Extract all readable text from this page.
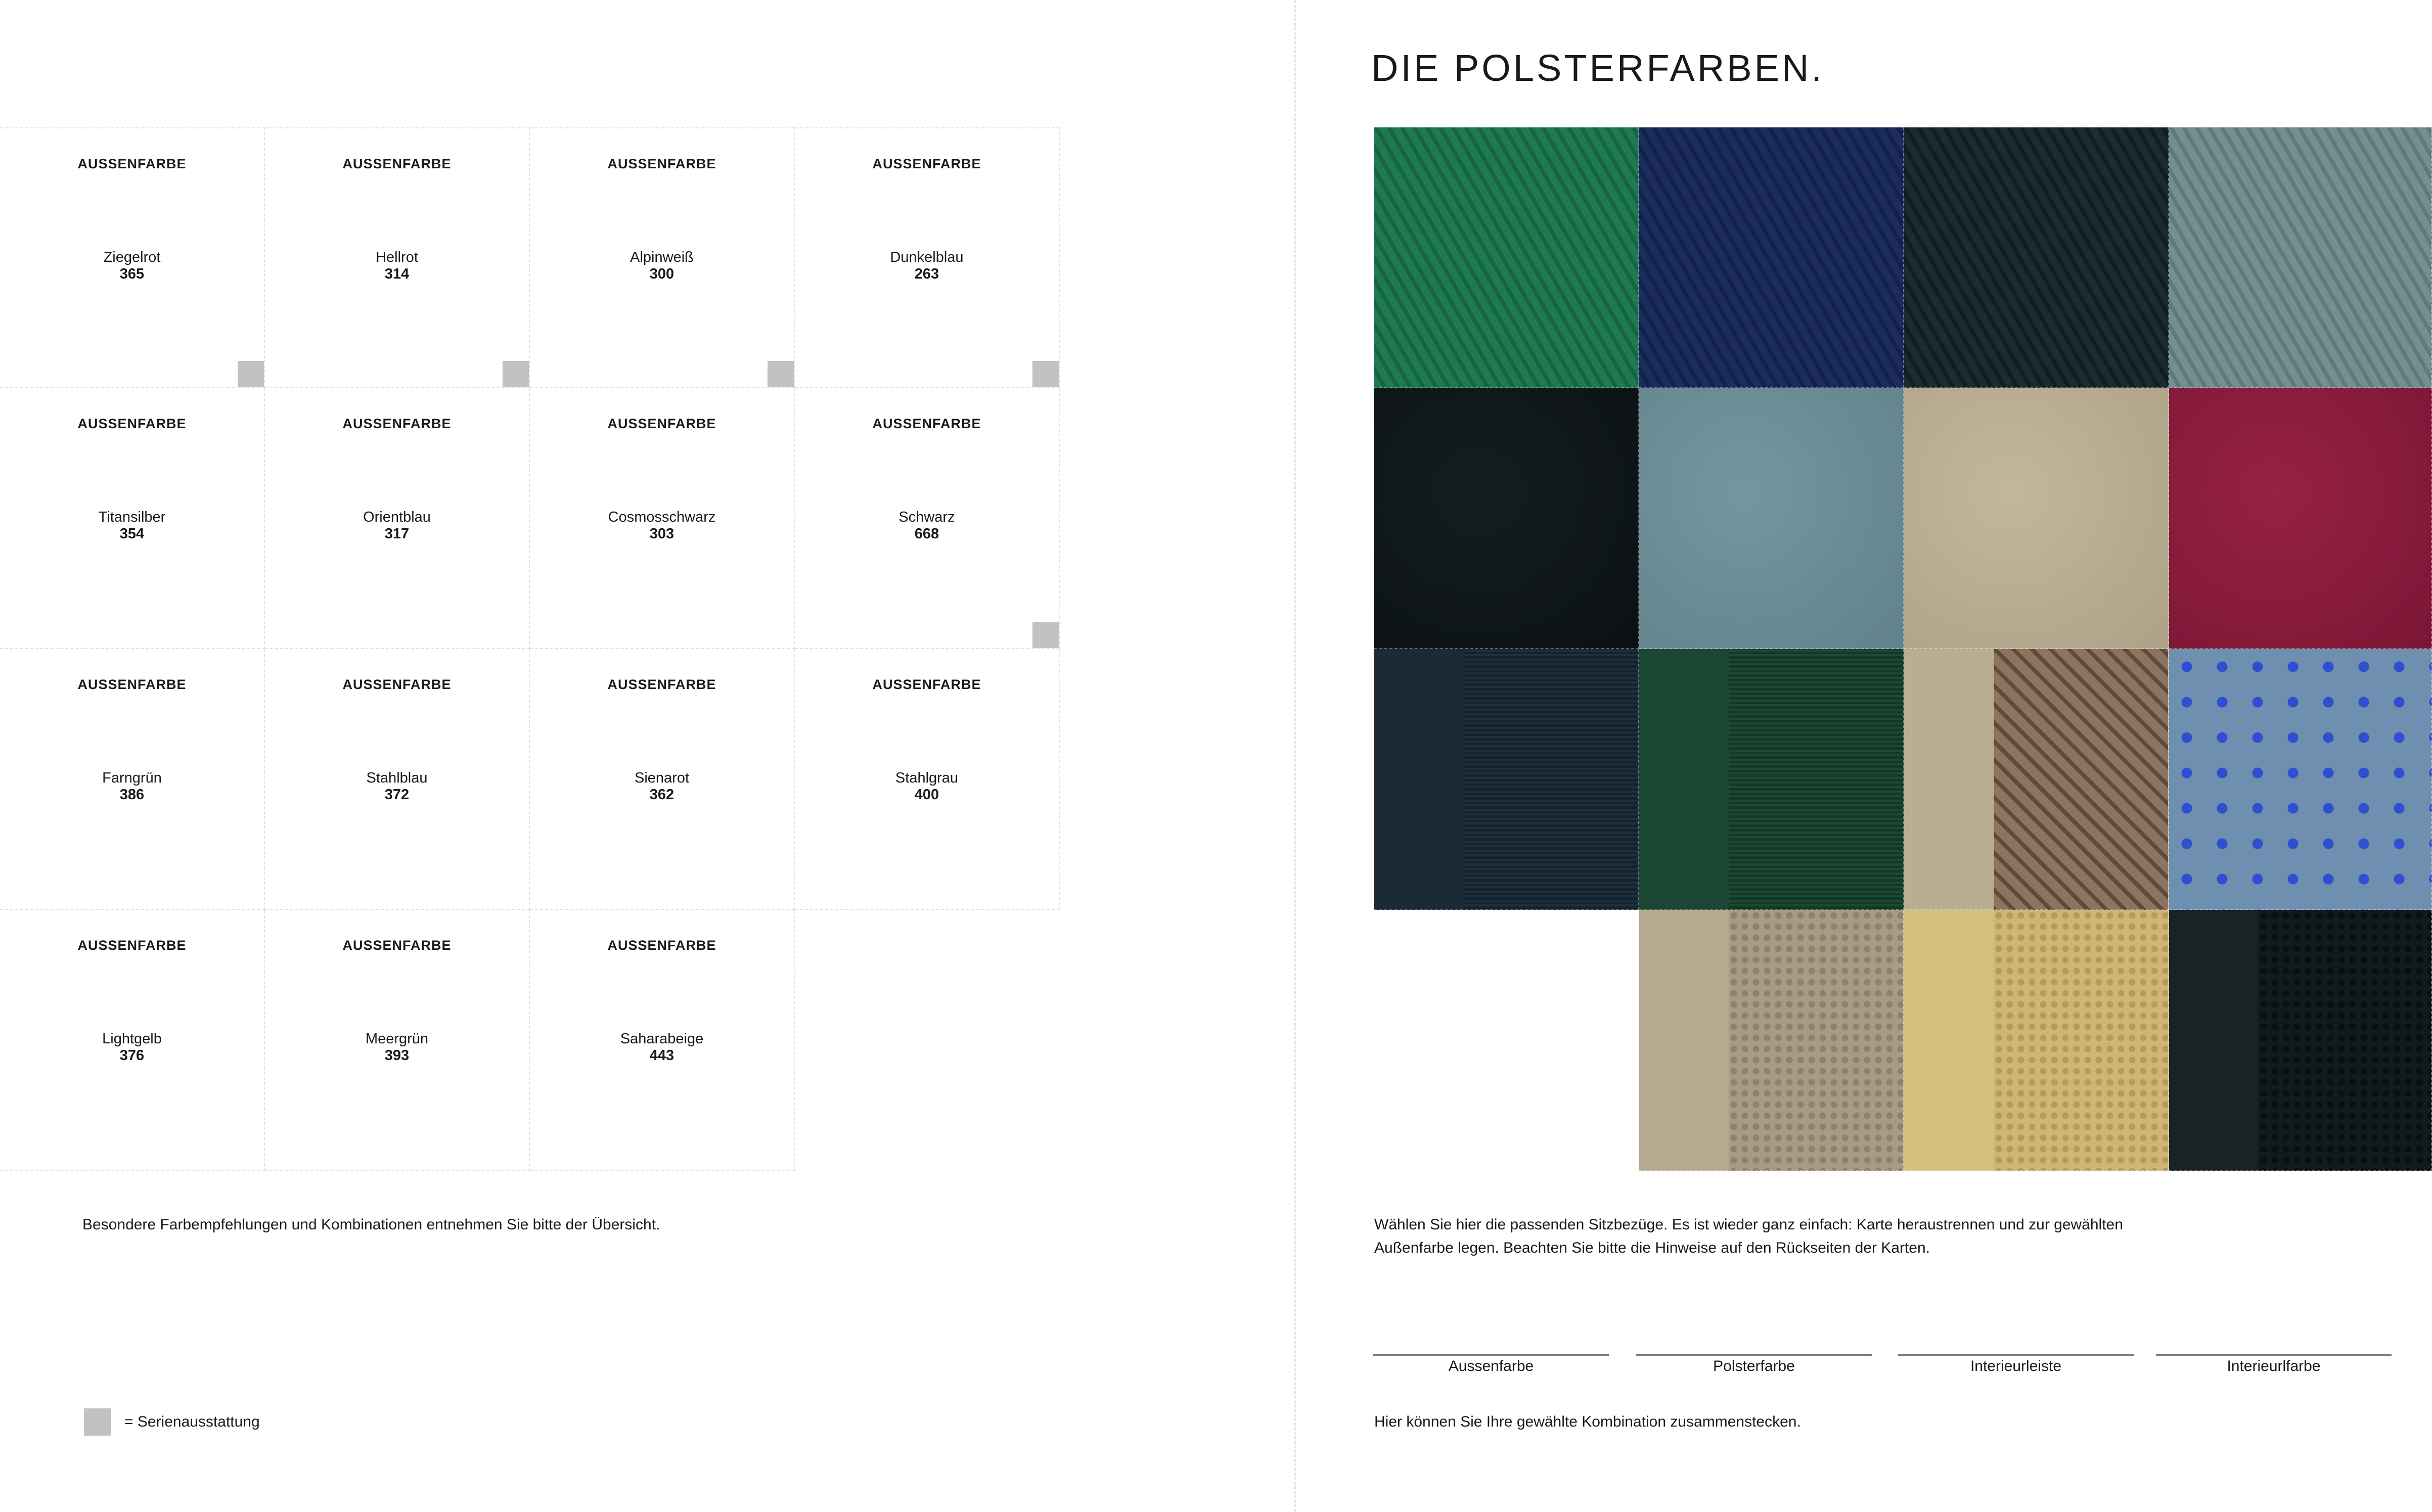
AUSSENFARBE
Ziegelrot
365
AUSSENFARBE
Hellrot
314
AUSSENFARBE
Alpinweiß
300
AUSSENFARBE
Dunkelblau
263
AUSSENFARBE
Titansilber
354
AUSSENFARBE
Orientblau
317
AUSSENFARBE
Cosmosschwarz
303
AUSSENFARBE
Schwarz
668
AUSSENFARBE
Farngrün
386
AUSSENFARBE
Stahlblau
372
AUSSENFARBE
Sienarot
362
AUSSENFARBE
Stahlgrau
400
AUSSENFARBE
Lightgelb
376
AUSSENFARBE
Meergrün
393
AUSSENFARBE
Saharabeige
443
Besondere Farbempfehlungen und Kombinationen entnehmen Sie bitte der Übersicht.
= Serienausstattung
DIE POLSTERFARBEN.
Wählen Sie hier die passenden Sitzbezüge. Es ist wieder ganz einfach: Karte heraustrennen und zur gewählten
Außenfarbe legen. Beachten Sie bitte die Hinweise auf den Rückseiten der Karten.
Aussenfarbe	Polsterfarbe	Interieurleiste	Interieurlfarbe
Hier können Sie Ihre gewählte Kombination zusammenstecken.
